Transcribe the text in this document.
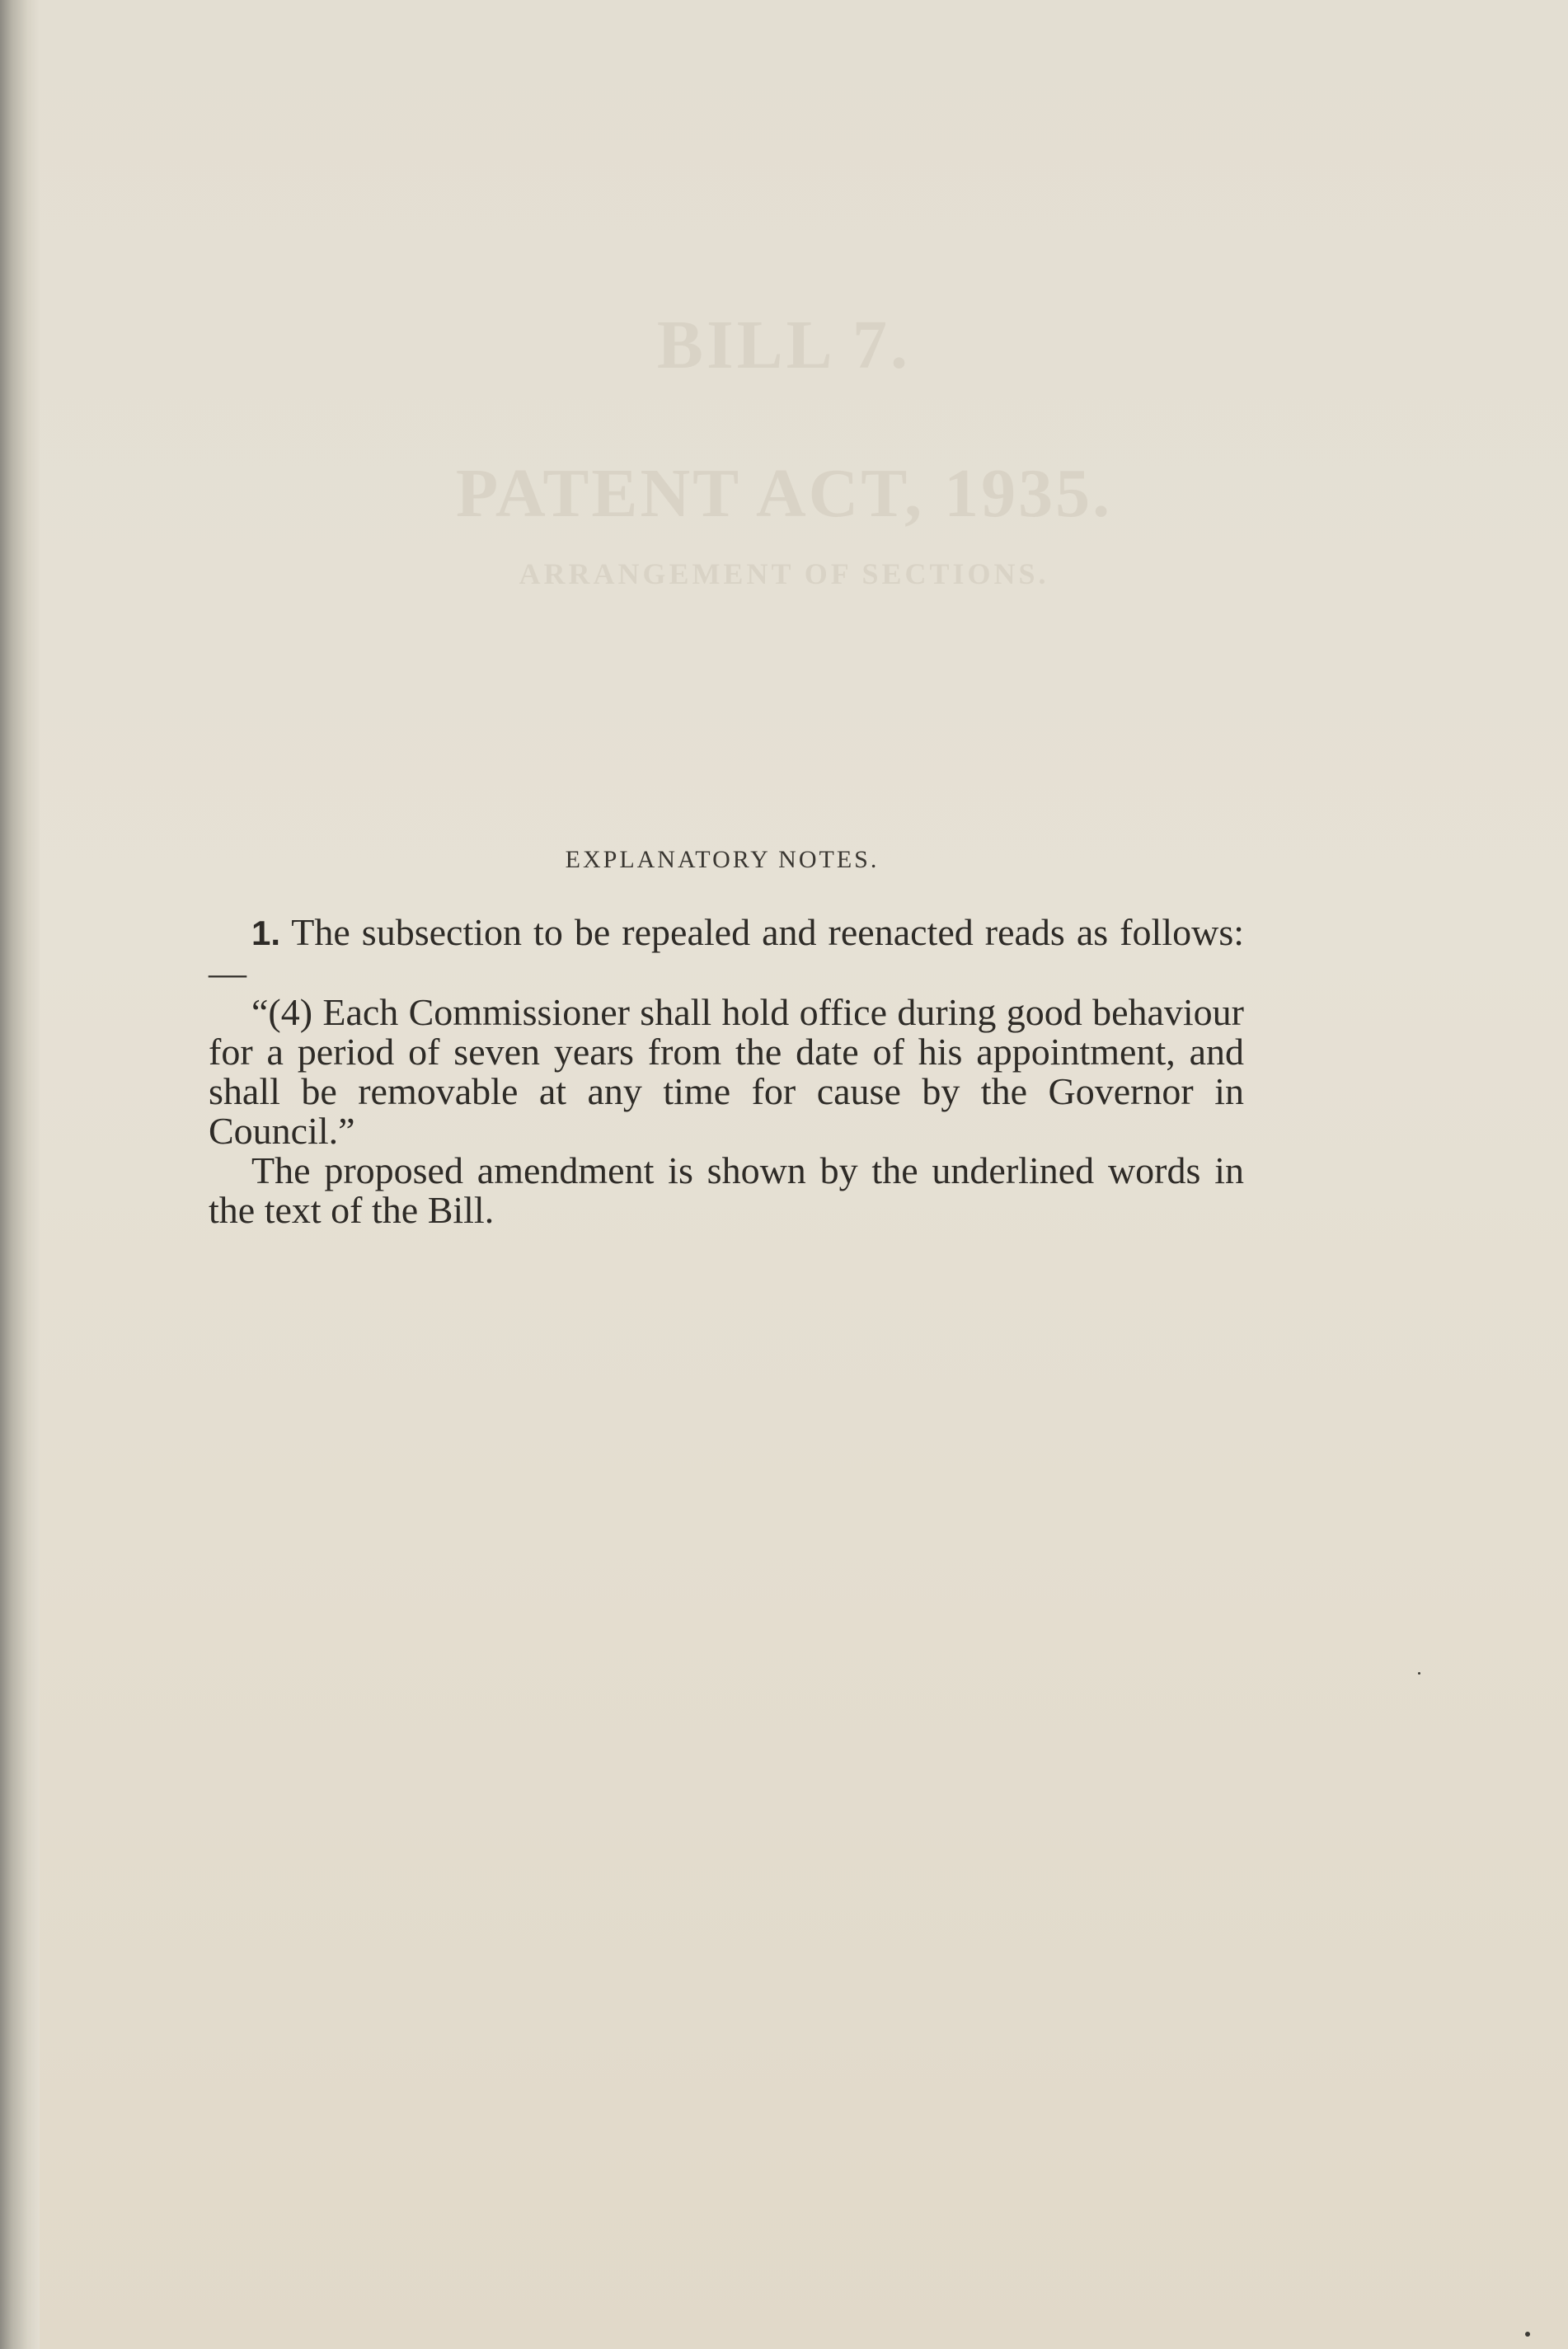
BILL 7.
PATENT ACT, 1935.
ARRANGEMENT OF SECTIONS.
EXPLANATORY NOTES.

1. The subsection to be repealed and reenacted reads as follows:—

“(4) Each Commissioner shall hold office during good behaviour for a period of seven years from the date of his appointment, and shall be removable at any time for cause by the Governor in Council.”

The proposed amendment is shown by the underlined words in the text of the Bill.
